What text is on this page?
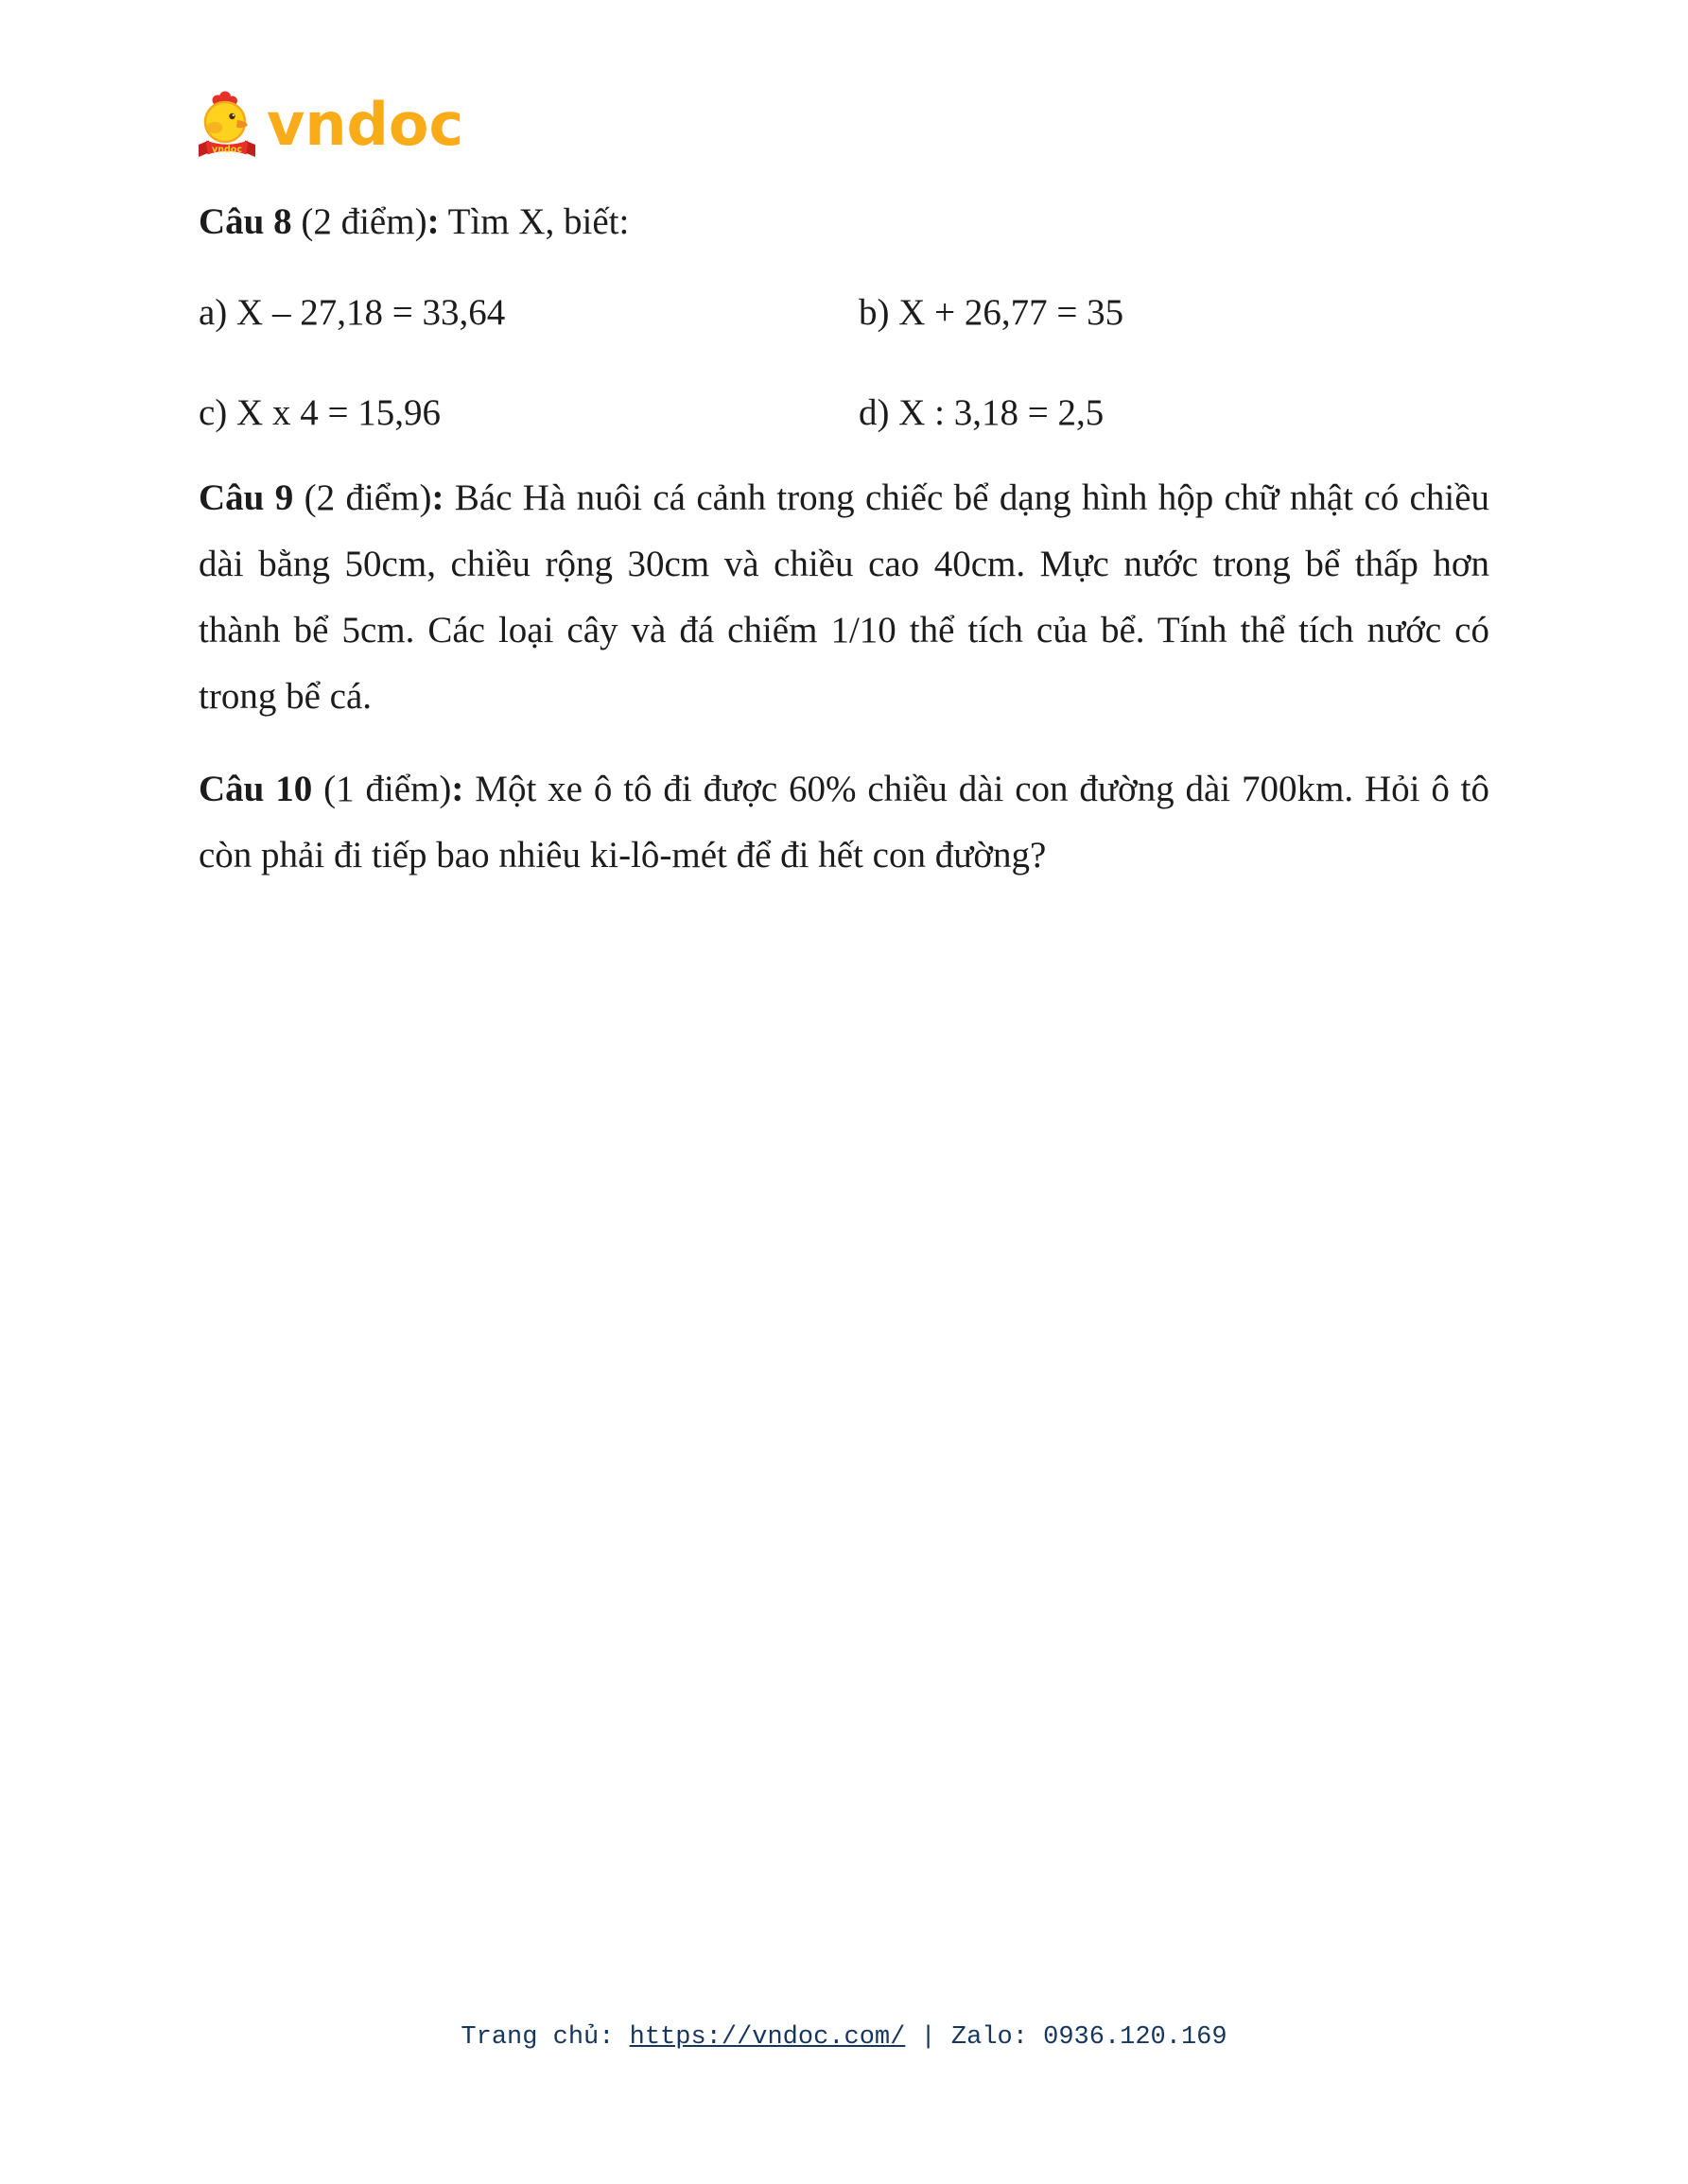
vndoc vndoc
Câu 8 (2 điểm): Tìm X, biết:
a) X – 27,18 = 33,64	b) X + 26,77 = 35
c) X x 4 = 15,96	d) X : 3,18 = 2,5
Câu 9 (2 điểm): Bác Hà nuôi cá cảnh trong chiếc bể dạng hình hộp chữ nhật có chiều dài bằng 50cm, chiều rộng 30cm và chiều cao 40cm. Mực nước trong bể thấp hơn thành bể 5cm. Các loại cây và đá chiếm 1/10 thể tích của bể. Tính thể tích nước có trong bể cá.
Câu 10 (1 điểm): Một xe ô tô đi được 60% chiều dài con đường dài 700km. Hỏi ô tô còn phải đi tiếp bao nhiêu ki-lô-mét để đi hết con đường?
Trang chủ: https://vndoc.com/ | Zalo: 0936.120.169
